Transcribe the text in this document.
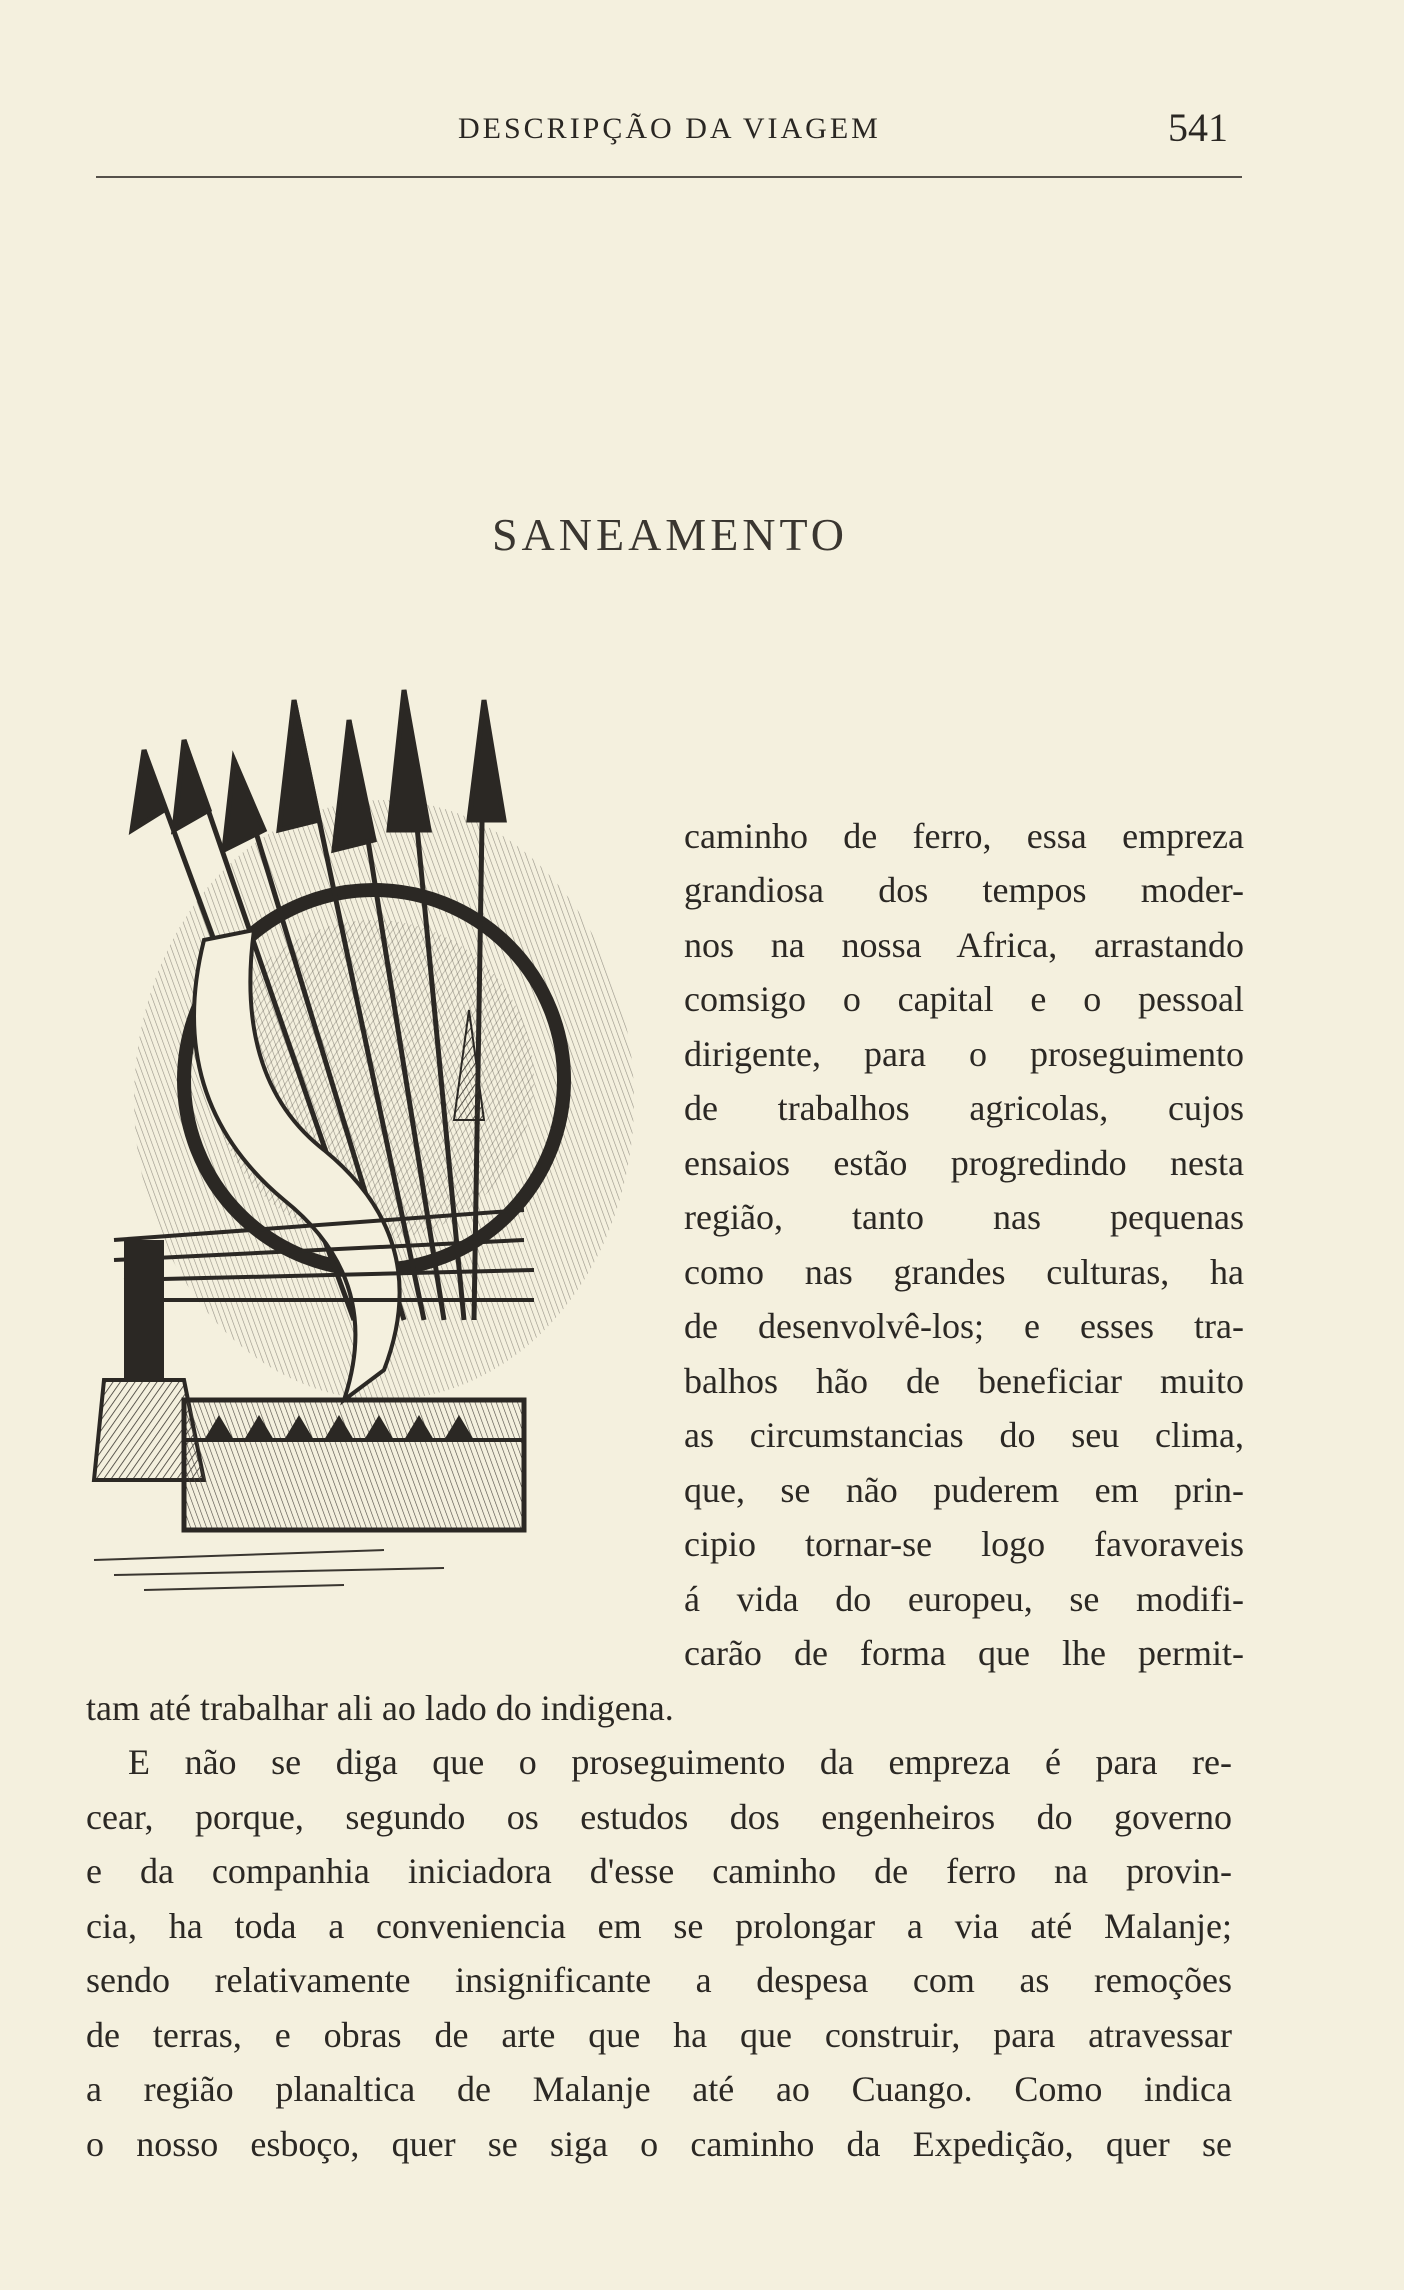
DESCRIPÇÃO DA VIAGEM	541
SANEAMENTO
caminho de ferro, essa empreza
grandiosa dos tempos moder-
nos na nossa Africa, arrastando
comsigo o capital e o pessoal
dirigente, para o proseguimento
de trabalhos agricolas, cujos
ensaios estão progredindo nesta
região, tanto nas pequenas
como nas grandes culturas, ha
de desenvolvê-los; e esses tra-
balhos hão de beneficiar muito
as circumstancias do seu clima,
que, se não puderem em prin-
cipio tornar-se logo favoraveis
á vida do europeu, se modifi-
carão de forma que lhe permit-
tam até trabalhar ali ao lado do indigena.
E não se diga que o proseguimento da empreza é para re-
cear, porque, segundo os estudos dos engenheiros do governo
e da companhia iniciadora d'esse caminho de ferro na provin-
cia, ha toda a conveniencia em se prolongar a via até Malanje;
sendo relativamente insignificante a despesa com as remoções
de terras, e obras de arte que ha que construir, para atravessar
a região planaltica de Malanje até ao Cuango. Como indica
o nosso esboço, quer se siga o caminho da Expedição, quer se
